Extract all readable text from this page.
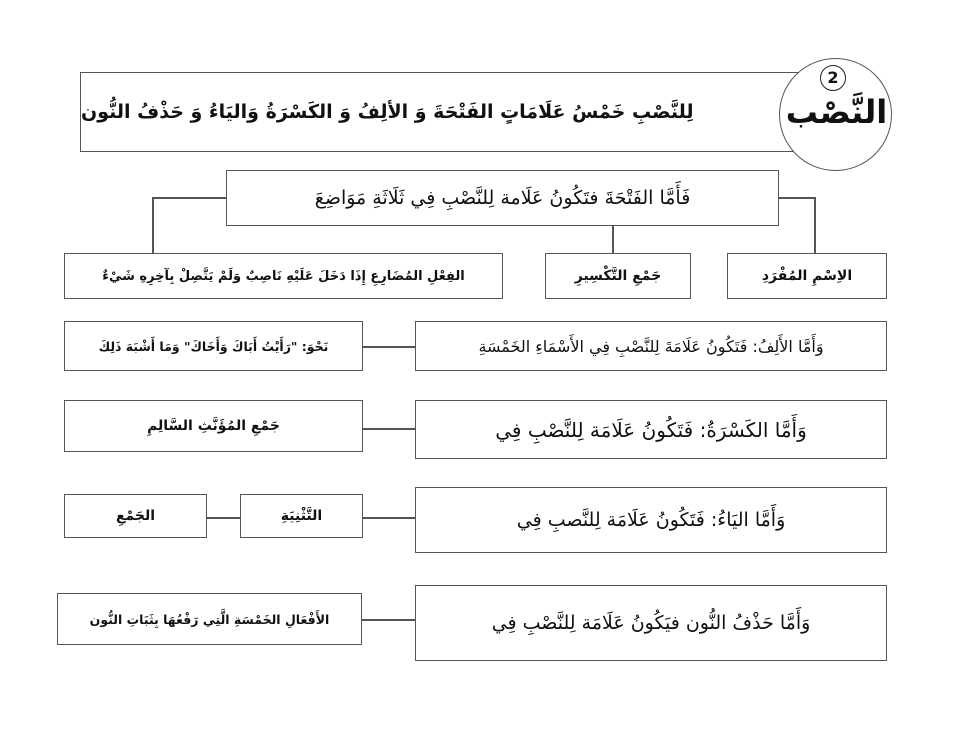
لِلنَّصْبِ خَمْسُ عَلَامَاتٍ الفَتْحَةَ وَ الألِفُ وَ الكَسْرَةُ وَاليَاءُ وَ حَذْفُ النُّون
2
النَّصْب
فَأَمَّا الفَتْحَةَ فتَكُونُ عَلَامة لِلنَّصْبِ فِي ثَلَاثَةِ مَوَاضِعَ
الاِسْمِ المُفْرَدِ
جَمْعِ التَّكْسِيرِ
الفِعْلِ المُضَارِعِ إِذَا دَخَلَ عَلَيْهِ نَاصِبٌ وَلَمْ يَتَّصِلْ بِآخِرِهِ شَيْءٌ
وَأَمَّا الأَلِفُ: فَتَكُونُ عَلَامَةَ لِلنَّصْبِ فِي الأَسْمَاءِ الخَمْسَةِ
نَحْوَ: "رَأَيْتُ أَبَاكَ وَأَخَاكَ" وَمَا أَشْبَهَ ذَلِكَ
وَأَمَّا الكَسْرَةُ: فَتَكُونُ عَلَامَة لِلنَّصْبِ فِي
جَمْعِ المُؤَنَّثِ السَّالِمِ
وَأَمَّا اليَاءُ: فَتَكُونُ عَلَامَة لِلنَّصبِ فِي
التَّثْنِيَةِ
الجَمْعِ
وَأَمَّا حَذْفُ النُّون فيَكُونُ عَلَامَة لِلنَّصْبِ فِي
الأَفْعَالِ الخَمْسَةِ الَّتِي رَفْعُهَا بِثَبَاتِ النُّون
